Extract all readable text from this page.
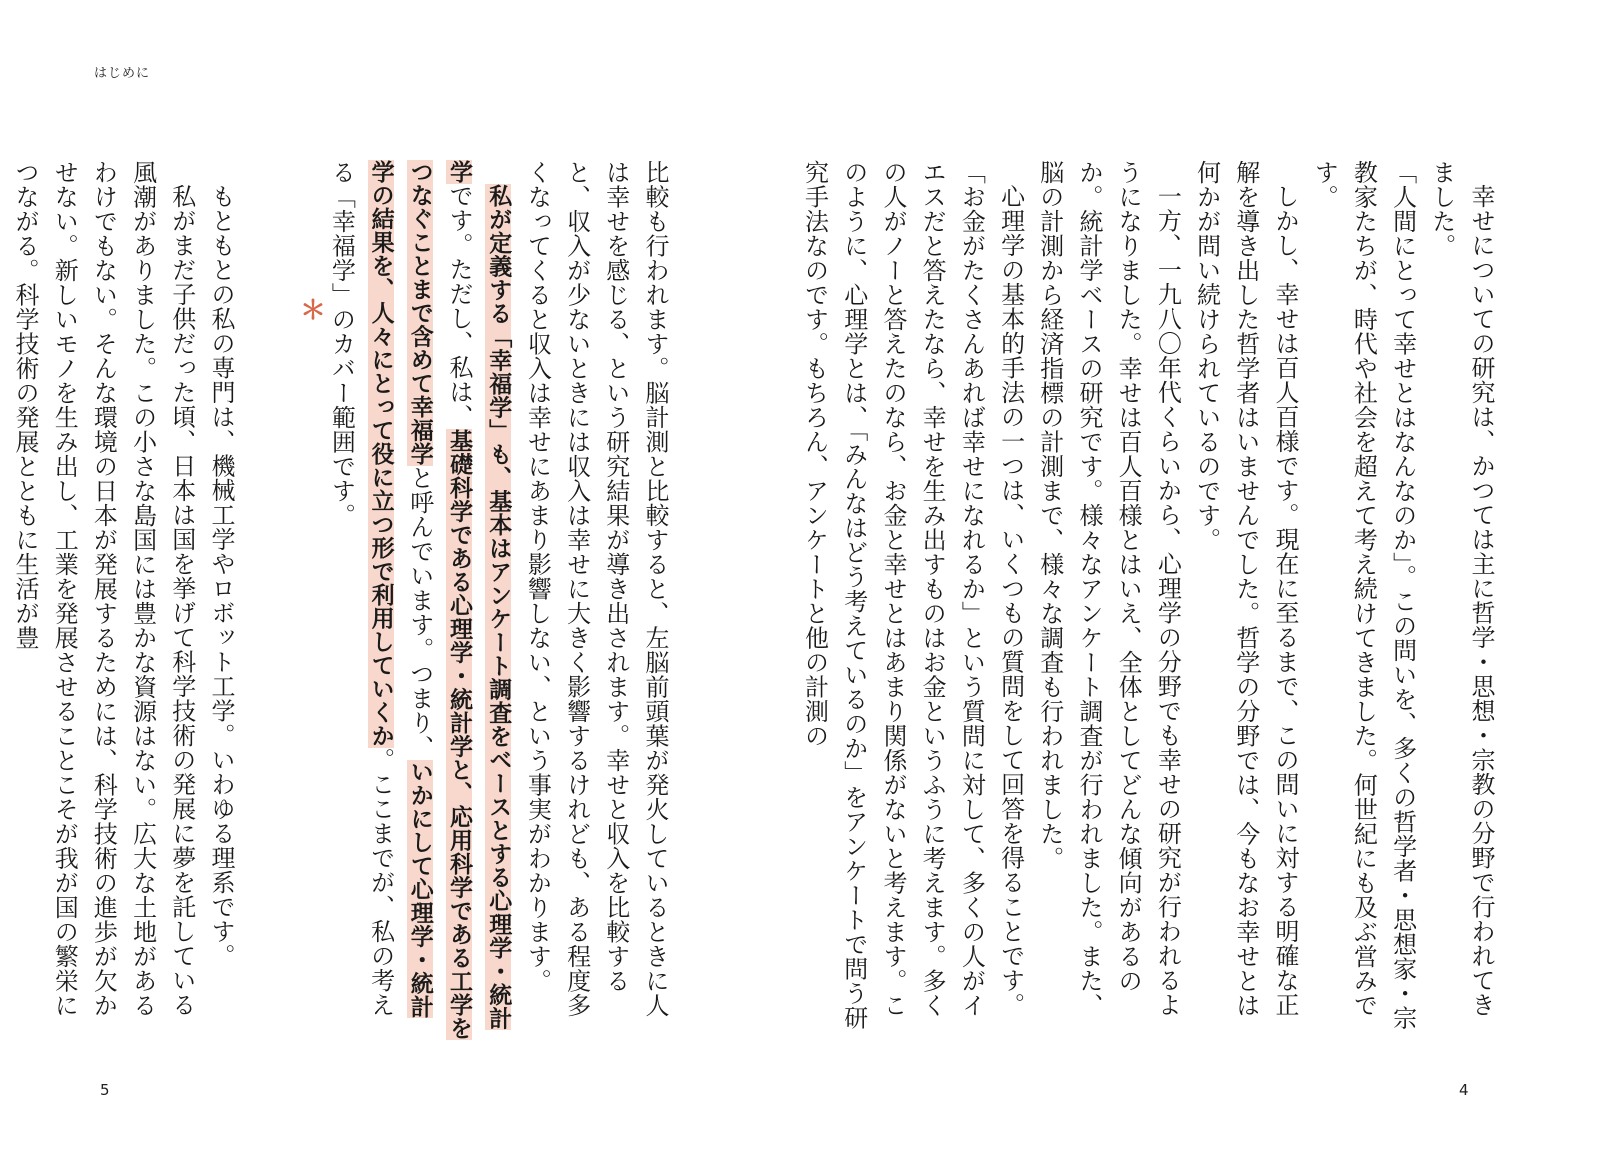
はじめに

比較も行われます。脳計測と比較すると、左脳前頭葉が発火しているときに人は幸せを感じる、という研究結果が導き出されます。幸せと収入を比較すると、収入が少ないときには収入は幸せに大きく影響するけれども、ある程度多くなってくると収入は幸せにあまり影響しない、という事実がわかります。

私が定義する「幸福学」も、基本はアンケート調査をベースとする心理学・統計学です。ただし、私は、基礎科学である心理学・統計学と、応用科学である工学をつなぐことまで含めて幸福学と呼んでいます。つまり、いかにして心理学・統計学の結果を、人々にとって役に立つ形で利用していくか。ここまでが、私の考える「幸福学」のカバー範囲です。

＊

もともとの私の専門は、機械工学やロボット工学。いわゆる理系です。

私がまだ子供だった頃、日本は国を挙げて科学技術の発展に夢を託している風潮がありました。この小さな島国には豊かな資源はない。広大な土地があるわけでもない。そんな環境の日本が発展するためには、科学技術の進歩が欠かせない。新しいモノを生み出し、工業を発展させることこそが我が国の繁栄につながる。科学技術の発展とともに生活が豊

5

幸せについての研究は、かつては主に哲学・思想・宗教の分野で行われてきました。

「人間にとって幸せとはなんなのか」。この問いを、多くの哲学者・思想家・宗教家たちが、時代や社会を超えて考え続けてきました。何世紀にも及ぶ営みです。

しかし、幸せは百人百様です。現在に至るまで、この問いに対する明確な正解を導き出した哲学者はいませんでした。哲学の分野では、今もなお幸せとは何かが問い続けられているのです。

一方、一九八〇年代くらいから、心理学の分野でも幸せの研究が行われるようになりました。幸せは百人百様とはいえ、全体としてどんな傾向があるのか。統計学ベースの研究です。様々なアンケート調査が行われました。また、脳の計測から経済指標の計測まで、様々な調査も行われました。

心理学の基本的手法の一つは、いくつもの質問をして回答を得ることです。「お金がたくさんあれば幸せになれるか」という質問に対して、多くの人がイエスだと答えたなら、幸せを生み出すものはお金というふうに考えます。多くの人がノーと答えたのなら、お金と幸せとはあまり関係がないと考えます。このように、心理学とは、「みんなはどう考えているのか」をアンケートで問う研究手法なのです。もちろん、アンケートと他の計測の

4
